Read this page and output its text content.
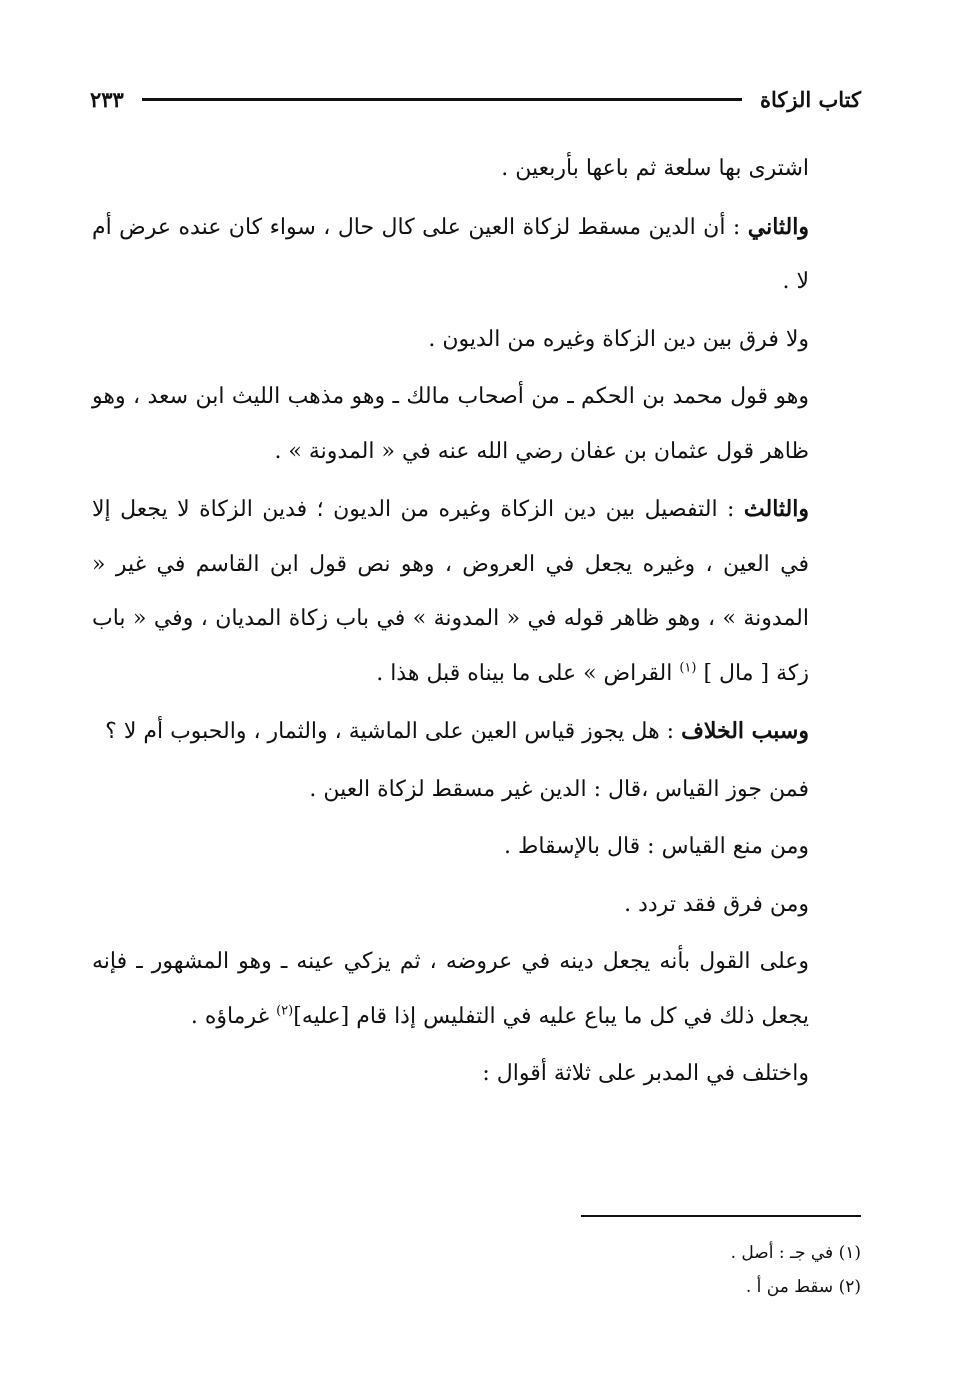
كتاب الزكاة
٢٣٣

اشترى بها سلعة ثم باعها بأربعين .

والثاني : أن الدين مسقط لزكاة العين على كال حال ، سواء كان عنده عرض أم لا .

ولا فرق بين دين الزكاة وغيره من الديون .

وهو قول محمد بن الحكم ـ من أصحاب مالك ـ وهو مذهب الليث ابن سعد ، وهو ظاهر قول عثمان بن عفان رضي الله عنه في « المدونة » .

والثالث : التفصيل بين دين الزكاة وغيره من الديون ؛ فدين الزكاة لا يجعل إلا في العين ، وغيره يجعل في العروض ، وهو نص قول ابن القاسم في غير « المدونة » ، وهو ظاهر قوله في « المدونة » في باب زكاة المديان ، وفي « باب زكة [ مال ] $^{(١)}$ القراض » على ما بيناه قبل هذا .

وسبب الخلاف : هل يجوز قياس العين على الماشية ، والثمار ، والحبوب أم لا ؟

فمن جوز القياس ،قال : الدين غير مسقط لزكاة العين .

ومن منع القياس : قال بالإسقاط .

ومن فرق فقد تردد .

وعلى القول بأنه يجعل دينه في عروضه ، ثم يزكي عينه ـ وهو المشهور ـ فإنه يجعل ذلك في كل ما يباع عليه في التفليس إذا قام [عليه]$^{(٢)}$ غرماؤه .

واختلف في المدبر على ثلاثة أقوال :

(١) في جـ : أصل .
(٢) سقط من أ .
